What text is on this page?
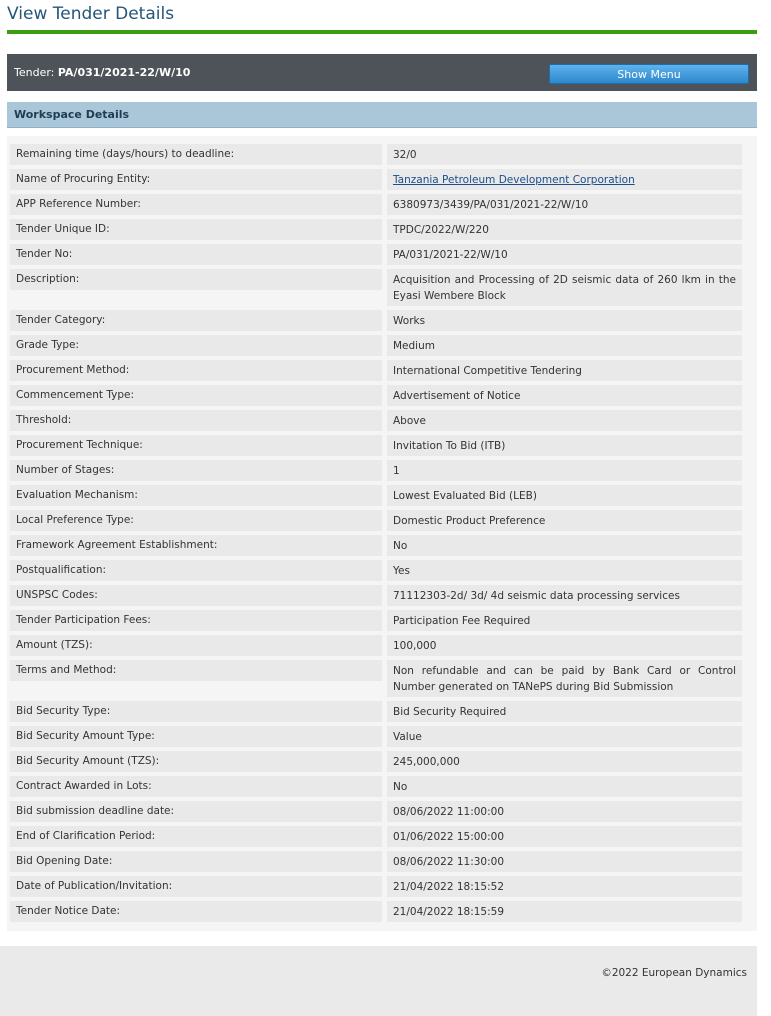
View Tender Details
Tender: PA/031/2021-22/W/10	Show Menu
Workspace Details
Remaining time (days/hours) to deadline:	32/0
Name of Procuring Entity:	Tanzania Petroleum Development Corporation
APP Reference Number:	6380973/3439/PA/031/2021-22/W/10
Tender Unique ID:	TPDC/2022/W/220
Tender No:	PA/031/2021-22/W/10
Description:	Acquisition and Processing of 2D seismic data of 260 lkm in the Eyasi Wembere Block
Tender Category:	Works
Grade Type:	Medium
Procurement Method:	International Competitive Tendering
Commencement Type:	Advertisement of Notice
Threshold:	Above
Procurement Technique:	Invitation To Bid (ITB)
Number of Stages:	1
Evaluation Mechanism:	Lowest Evaluated Bid (LEB)
Local Preference Type:	Domestic Product Preference
Framework Agreement Establishment:	No
Postqualification:	Yes
UNSPSC Codes:	71112303-2d/ 3d/ 4d seismic data processing services
Tender Participation Fees:	Participation Fee Required
Amount (TZS):	100,000
Terms and Method:	Non refundable and can be paid by Bank Card or Control Number generated on TANePS during Bid Submission
Bid Security Type:	Bid Security Required
Bid Security Amount Type:	Value
Bid Security Amount (TZS):	245,000,000
Contract Awarded in Lots:	No
Bid submission deadline date:	08/06/2022 11:00:00
End of Clarification Period:	01/06/2022 15:00:00
Bid Opening Date:	08/06/2022 11:30:00
Date of Publication/Invitation:	21/04/2022 18:15:52
Tender Notice Date:	21/04/2022 18:15:59
©2022 European Dynamics
